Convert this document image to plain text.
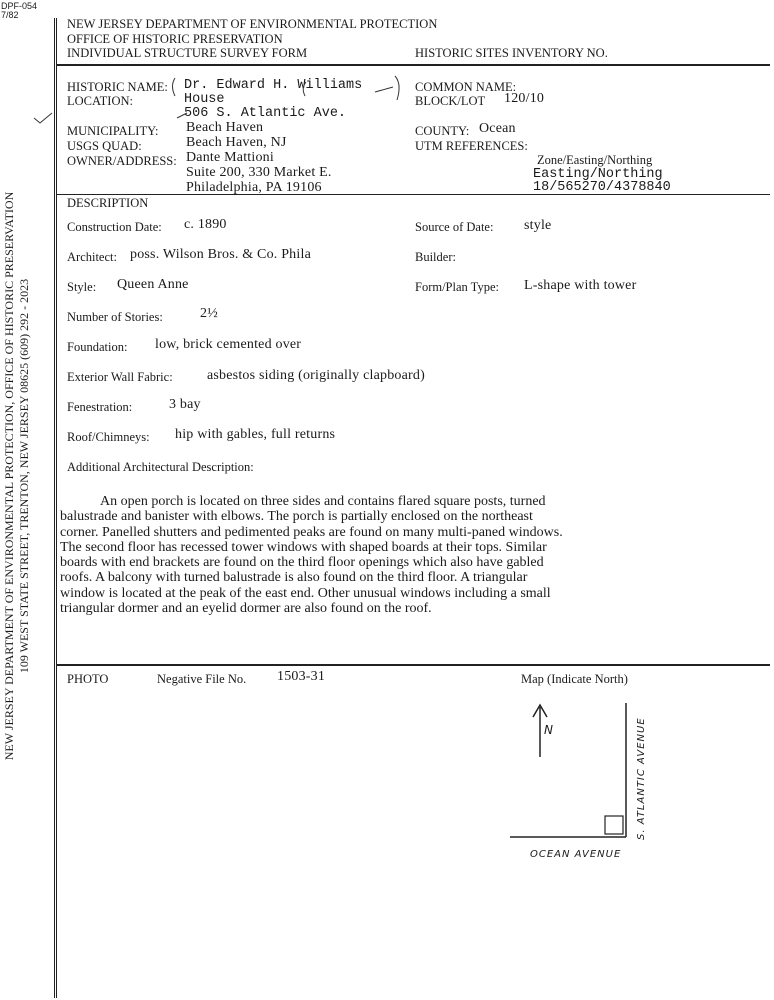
DPF-054
7/82
NEW JERSEY DEPARTMENT OF ENVIRONMENTAL PROTECTION
OFFICE OF HISTORIC PRESERVATION
INDIVIDUAL STRUCTURE SURVEY FORM	HISTORIC SITES INVENTORY NO.
NEW JERSEY DEPARTMENT OF ENVIRONMENTAL PROTECTION, OFFICE OF HISTORIC PRESERVATION 109 WEST STATE STREET, TRENTON, NEW JERSEY 08625 (609) 292 - 2023
HISTORIC NAME: Dr. Edward H. Williams
LOCATION:	House
506 S. Atlantic Ave.
MUNICIPALITY: Beach Haven
USGS QUAD:	Beach Haven, NJ
OWNER/ADDRESS: Dante Mattioni
Suite 200, 330 Market E.
Philadelphia, PA 19106
COMMON NAME:
BLOCK/LOT 120/10
COUNTY: Ocean
UTM REFERENCES:
Zone/Easting/Northing
Easting/Northing
18/565270/4378840
DESCRIPTION
Construction Date: c. 1890	Source of Date: style
Architect: poss. Wilson Bros. & Co. Phila	Builder:
Style: Queen Anne	Form/Plan Type: L-shape with tower
Number of Stories:	2½
Foundation: low, brick cemented over
Exterior Wall Fabric: asbestos siding (originally clapboard)
Fenestration:	3 bay
Roof/Chimneys: hip with gables, full returns
Additional Architectural Description:
An open porch is located on three sides and contains flared square posts, turned
balustrade and banister with elbows. The porch is partially enclosed on the northeast
corner. Panelled shutters and pedimented peaks are found on many multi-paned windows.
The second floor has recessed tower windows with shaped boards at their tops. Similar
boards with end brackets are found on the third floor openings which also have gabled
roofs. A balcony with turned balustrade is also found on the third floor. A triangular
window is located at the peak of the east end. Other unusual windows including a small
triangular dormer and an eyelid dormer are also found on the roof.
PHOTO	Negative File No. 1503-31	Map (Indicate North)
N
OCEAN AVENUE
S. ATLANTIC AVENUE
